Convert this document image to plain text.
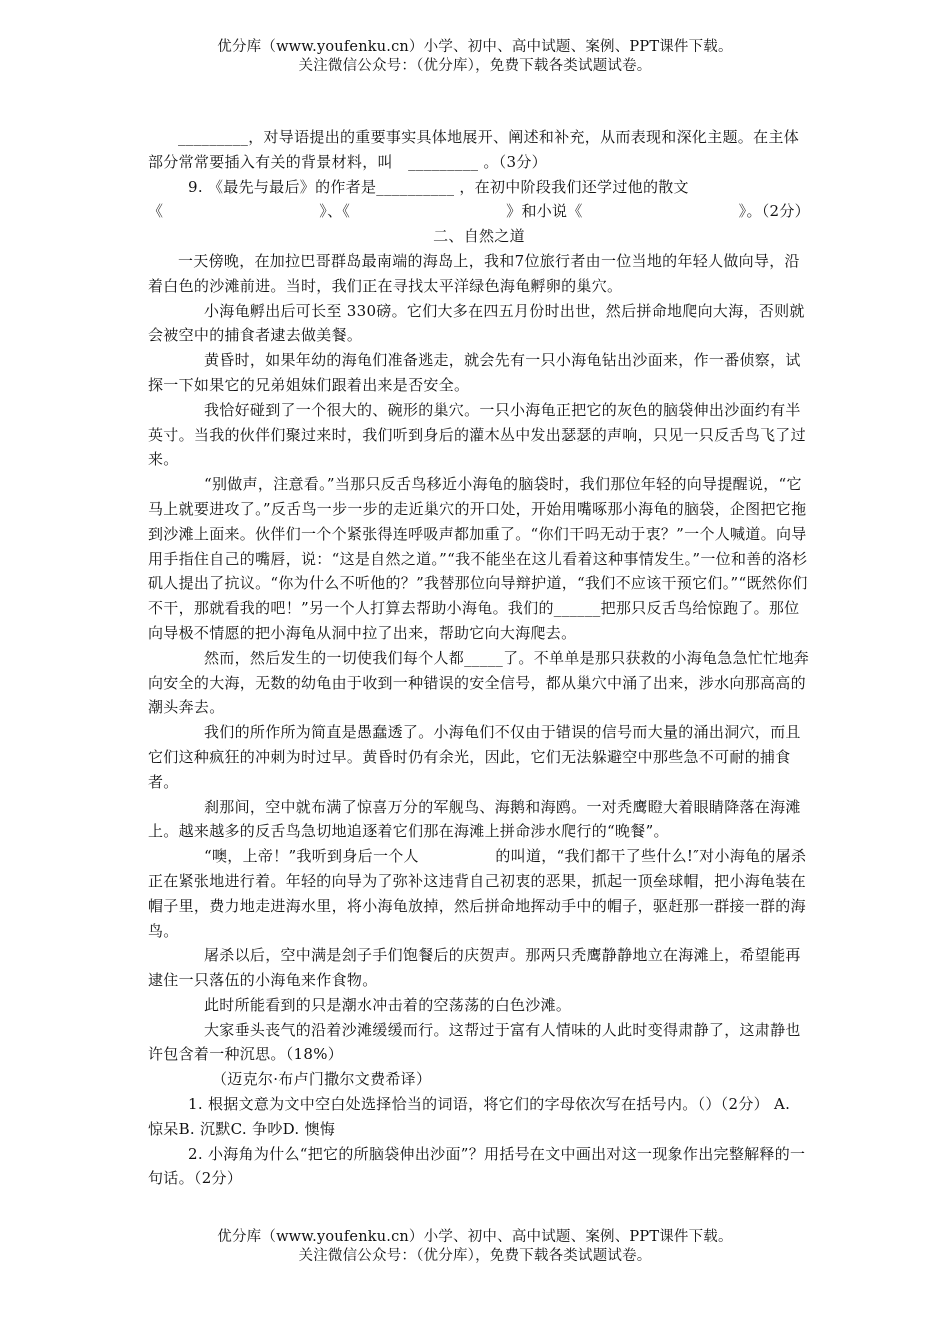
优分库（www.youfenku.cn）小学、初中、高中试题、案例、PPT课件下载。
关注微信公众号：（优分库），免费下载各类试题试卷。

_________，对导语提出的重要事实具体地展开、阐述和补充，从而表现和深化主题。在主体部分常常要插入有关的背景材料，叫　_________ 。（3分）

9. 《最先与最后》的作者是__________ ，在初中阶段我们还学过他的散文

《	》、《	》和小说《	》。（2分）

二、自然之道

一天傍晚，在加拉巴哥群岛最南端的海岛上，我和7位旅行者由一位当地的年轻人做向导，沿着白色的沙滩前进。当时，我们正在寻找太平洋绿色海龟孵卵的巢穴。

小海龟孵出后可长至 330磅。它们大多在四五月份时出世，然后拼命地爬向大海，否则就会被空中的捕食者逮去做美餐。

黄昏时，如果年幼的海龟们准备逃走，就会先有一只小海龟钻出沙面来，作一番侦察，试探一下如果它的兄弟姐妹们跟着出来是否安全。

我恰好碰到了一个很大的、碗形的巢穴。一只小海龟正把它的灰色的脑袋伸出沙面约有半英寸。当我的伙伴们聚过来时，我们听到身后的灌木丛中发出瑟瑟的声响，只见一只反舌鸟飞了过来。

“别做声，注意看。”当那只反舌鸟移近小海龟的脑袋时，我们那位年轻的向导提醒说，“它马上就要进攻了。”反舌鸟一步一步的走近巢穴的开口处，开始用嘴啄那小海龟的脑袋，企图把它拖到沙滩上面来。伙伴们一个个紧张得连呼吸声都加重了。“你们干吗无动于衷？”一个人喊道。向导用手指住自己的嘴唇，说：“这是自然之道。”“我不能坐在这儿看着这种事情发生。”一位和善的洛杉矶人提出了抗议。“你为什么不听他的？”我替那位向导辩护道，“我们不应该干预它们。”“既然你们不干，那就看我的吧！”另一个人打算去帮助小海龟。我们的______把那只反舌鸟给惊跑了。那位向导极不情愿的把小海龟从洞中拉了出来，帮助它向大海爬去。

然而，然后发生的一切使我们每个人都_____了。不单单是那只获救的小海龟急急忙忙地奔向安全的大海，无数的幼龟由于收到一种错误的安全信号，都从巢穴中涌了出来，涉水向那高高的潮头奔去。

我们的所作所为简直是愚蠢透了。小海龟们不仅由于错误的信号而大量的涌出洞穴，而且它们这种疯狂的冲刺为时过早。黄昏时仍有余光，因此，它们无法躲避空中那些急不可耐的捕食者。

刹那间，空中就布满了惊喜万分的军舰鸟、海鹅和海鸥。一对秃鹰瞪大着眼睛降落在海滩上。越来越多的反舌鸟急切地追逐着它们那在海滩上拼命涉水爬行的“晚餐”。

“噢，上帝！”我听到身后一个人　　　　　的叫道，“我们都干了些什么!″对小海龟的屠杀正在紧张地进行着。年轻的向导为了弥补这违背自己初衷的恶果，抓起一顶垒球帽，把小海龟装在帽子里，费力地走进海水里，将小海龟放掉，然后拼命地挥动手中的帽子，驱赶那一群接一群的海鸟。

屠杀以后，空中满是刽子手们饱餐后的庆贺声。那两只秃鹰静静地立在海滩上，希望能再逮住一只落伍的小海龟来作食物。

此时所能看到的只是潮水冲击着的空荡荡的白色沙滩。

大家垂头丧气的沿着沙滩缓缓而行。这帮过于富有人情味的人此时变得肃静了，这肃静也许包含着一种沉思。（18%）

（迈克尔·布卢门撒尔文费希译）

1. 根据文意为文中空白处选择恰当的词语，将它们的字母依次写在括号内。（）（2分） A. 惊呆B. 沉默C. 争吵D. 懊悔

2. 小海角为什么“把它的所脑袋伸出沙面”？用括号在文中画出对这一现象作出完整解释的一句话。（2分）

优分库（www.youfenku.cn）小学、初中、高中试题、案例、PPT课件下载。
关注微信公众号：（优分库），免费下载各类试题试卷。
